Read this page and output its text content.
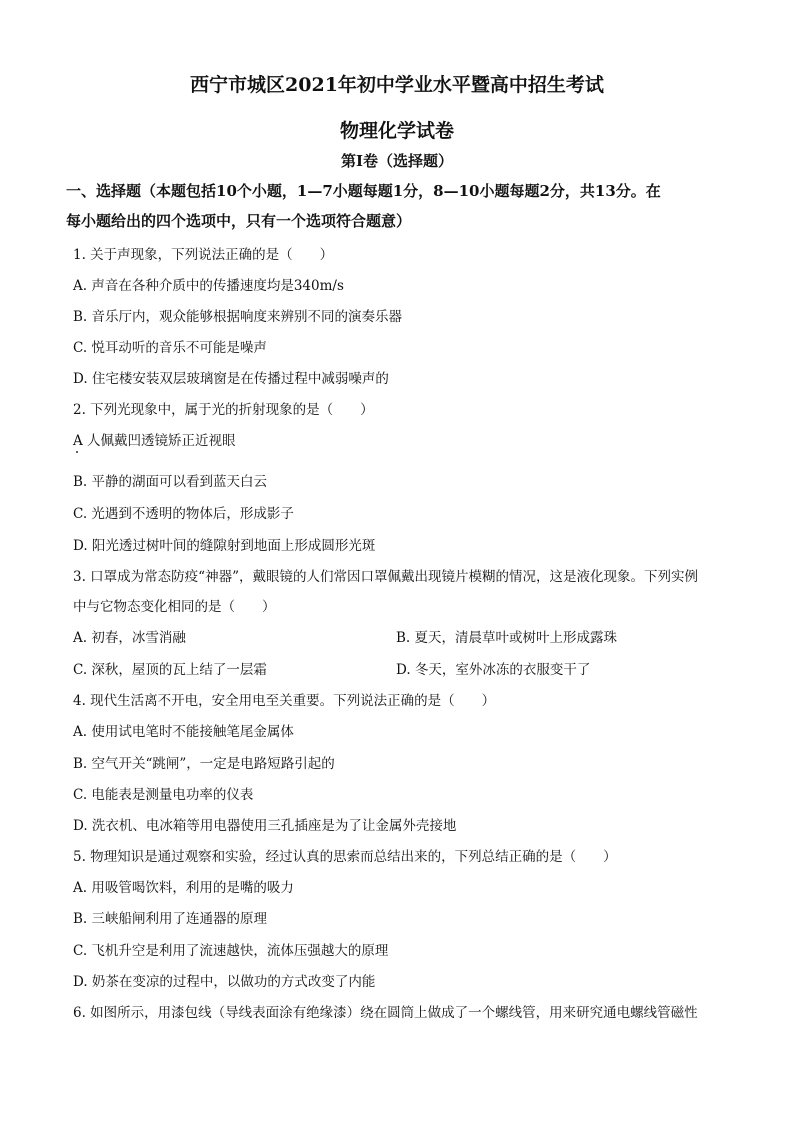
西宁市城区2021年初中学业水平暨高中招生考试
物理化学试卷
第Ⅰ卷（选择题）
一、选择题（本题包括10个小题，1—7小题每题1分，8—10小题每题2分，共13分。在
每小题给出的四个选项中，只有一个选项符合题意）
1. 关于声现象，下列说法正确的是（　　）
A. 声音在各种介质中的传播速度均是340m/s
B. 音乐厅内，观众能够根据响度来辨别不同的演奏乐器
C. 悦耳动听的音乐不可能是噪声
D. 住宅楼安装双层玻璃窗是在传播过程中减弱噪声的
2. 下列光现象中，属于光的折射现象的是（　　）
A 人佩戴凹透镜矫正近视眼
B. 平静的湖面可以看到蓝天白云
C. 光遇到不透明的物体后，形成影子
D. 阳光透过树叶间的缝隙射到地面上形成圆形光斑
3. 口罩成为常态防疫“神器”，戴眼镜的人们常因口罩佩戴出现镜片模糊的情况，这是液化现象。下列实例
中与它物态变化相同的是（　　）
A. 初春，冰雪消融	B. 夏天，清晨草叶或树叶上形成露珠
C. 深秋，屋顶的瓦上结了一层霜	D. 冬天，室外冰冻的衣服变干了
4. 现代生活离不开电，安全用电至关重要。下列说法正确的是（　　）
A. 使用试电笔时不能接触笔尾金属体
B. 空气开关“跳闸”，一定是电路短路引起的
C. 电能表是测量电功率的仪表
D. 洗衣机、电冰箱等用电器使用三孔插座是为了让金属外壳接地
5. 物理知识是通过观察和实验，经过认真的思索而总结出来的，下列总结正确的是（　　）
A. 用吸管喝饮料，利用的是嘴的吸力
B. 三峡船闸利用了连通器的原理
C. 飞机升空是利用了流速越快，流体压强越大的原理
D. 奶茶在变凉的过程中，以做功的方式改变了内能
6. 如图所示，用漆包线（导线表面涂有绝缘漆）绕在圆筒上做成了一个螺线管，用来研究通电螺线管磁性
